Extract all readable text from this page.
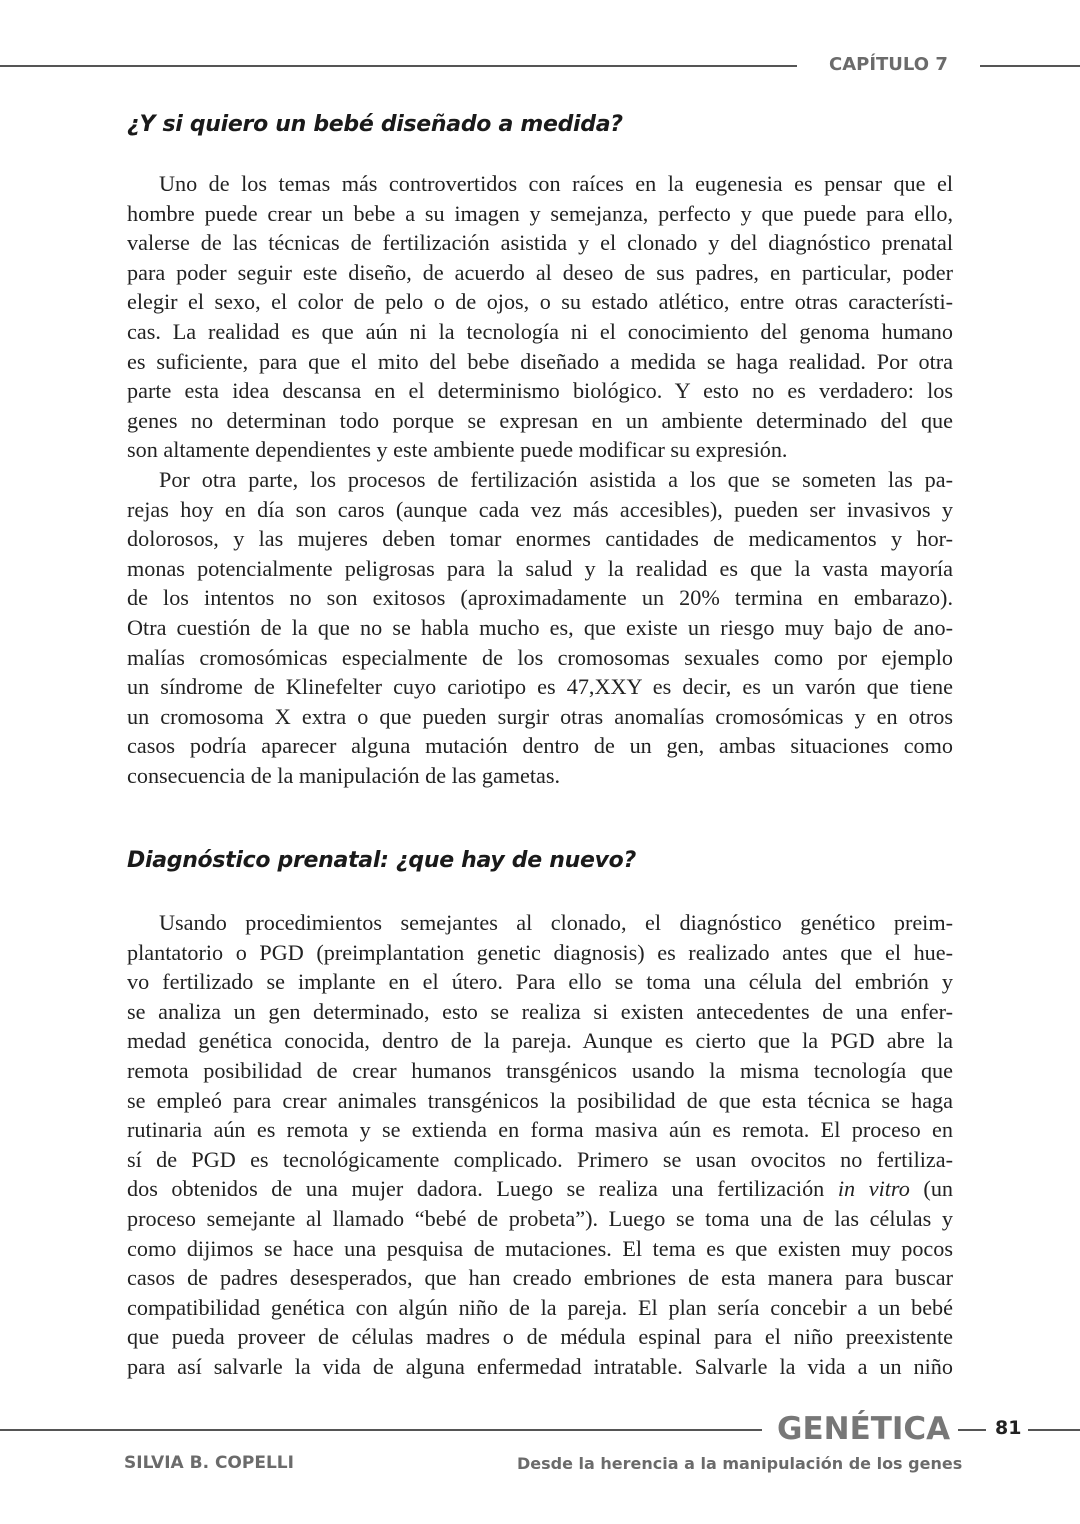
CAPÍTULO 7
¿Y si quiero un bebé diseñado a medida?
Uno de los temas más controvertidos con raíces en la eugenesia es pensar que el
hombre puede crear un bebe a su imagen y semejanza, perfecto y que puede para ello,
valerse de las técnicas de fertilización asistida y el clonado y del diagnóstico prenatal
para poder seguir este diseño, de acuerdo al deseo de sus padres, en particular, poder
elegir el sexo, el color de pelo o de ojos, o su estado atlético, entre otras característi-
cas. La realidad es que aún ni la tecnología ni el conocimiento del genoma humano
es suficiente, para que el mito del bebe diseñado a medida se haga realidad. Por otra
parte esta idea descansa en el determinismo biológico. Y esto no es verdadero: los
genes no determinan todo porque se expresan en un ambiente determinado del que
son altamente dependientes y este ambiente puede modificar su expresión.
Por otra parte, los procesos de fertilización asistida a los que se someten las pa-
rejas hoy en día son caros (aunque cada vez más accesibles), pueden ser invasivos y
dolorosos, y las mujeres deben tomar enormes cantidades de medicamentos y hor-
monas potencialmente peligrosas para la salud y la realidad es que la vasta mayoría
de los intentos no son exitosos (aproximadamente un 20% termina en embarazo).
Otra cuestión de la que no se habla mucho es, que existe un riesgo muy bajo de ano-
malías cromosómicas especialmente de los cromosomas sexuales como por ejemplo
un síndrome de Klinefelter cuyo cariotipo es 47,XXY es decir, es un varón que tiene
un cromosoma X extra o que pueden surgir otras anomalías cromosómicas y en otros
casos podría aparecer alguna mutación dentro de un gen, ambas situaciones como
consecuencia de la manipulación de las gametas.
Diagnóstico prenatal: ¿que hay de nuevo?
Usando procedimientos semejantes al clonado, el diagnóstico genético preim-
plantatorio o PGD (preimplantation genetic diagnosis) es realizado antes que el hue-
vo fertilizado se implante en el útero. Para ello se toma una célula del embrión y
se analiza un gen determinado, esto se realiza si existen antecedentes de una enfer-
medad genética conocida, dentro de la pareja. Aunque es cierto que la PGD abre la
remota posibilidad de crear humanos transgénicos usando la misma tecnología que
se empleó para crear animales transgénicos la posibilidad de que esta técnica se haga
rutinaria aún es remota y se extienda en forma masiva aún es remota. El proceso en
sí de PGD es tecnológicamente complicado. Primero se usan ovocitos no fertiliza-
dos obtenidos de una mujer dadora. Luego se realiza una fertilización in vitro (un
proceso semejante al llamado “bebé de probeta”). Luego se toma una de las células y
como dijimos se hace una pesquisa de mutaciones. El tema es que existen muy pocos
casos de padres desesperados, que han creado embriones de esta manera para buscar
compatibilidad genética con algún niño de la pareja. El plan sería concebir a un bebé
que pueda proveer de células madres o de médula espinal para el niño preexistente
para así salvarle la vida de alguna enfermedad intratable. Salvarle la vida a un niño
GENÉTICA 81
SILVIA B. COPELLI	Desde la herencia a la manipulación de los genes
